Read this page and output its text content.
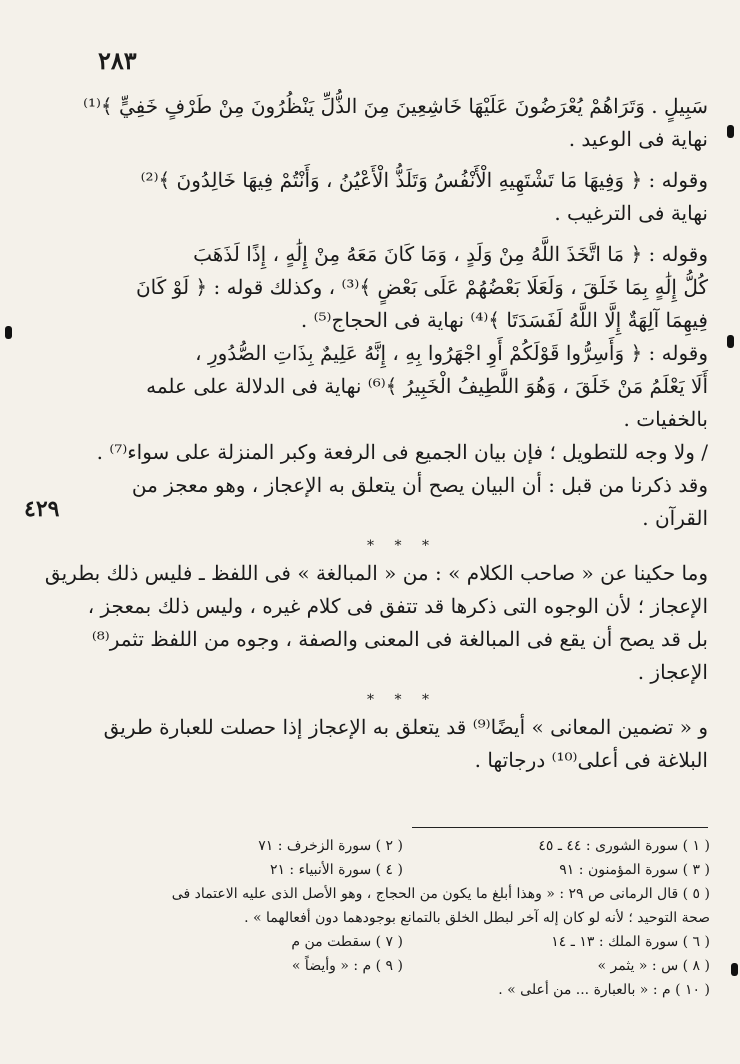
٢٨٣
٤٢٩
سَبِيلٍ . وَتَرَاهُمْ يُعْرَضُونَ عَلَيْهَا خَاشِعِينَ مِنَ الذُّلِّ يَنْظُرُونَ مِنْ طَرْفٍ خَفِيٍّ ﴾⁽¹⁾
نهاية فى الوعيد .
وقوله : ﴿ وَفِيهَا مَا تَشْتَهِيهِ الْأَنْفُسُ وَتَلَذُّ الْأَعْيُنُ ، وَأَنْتُمْ فِيهَا خَالِدُونَ ﴾⁽²⁾
نهاية فى الترغيب .
وقوله : ﴿ مَا اتَّخَذَ اللَّهُ مِنْ وَلَدٍ ، وَمَا كَانَ مَعَهُ مِنْ إِلَٰهٍ ، إِذًا لَذَهَبَ
كُلُّ إِلَٰهٍ بِمَا خَلَقَ ، وَلَعَلَا بَعْضُهُمْ عَلَى بَعْضٍ ﴾⁽³⁾ ، وكذلك قوله : ﴿ لَوْ كَانَ
فِيهِمَا آلِهَةٌ إِلَّا اللَّهُ لَفَسَدَتَا ﴾⁽⁴⁾ نهاية فى الحجاج⁽⁵⁾ .
وقوله : ﴿ وَأَسِرُّوا قَوْلَكُمْ أَوِ اجْهَرُوا بِهِ ، إِنَّهُ عَلِيمٌ بِذَاتِ الصُّدُورِ ،
أَلَا يَعْلَمُ مَنْ خَلَقَ ، وَهُوَ اللَّطِيفُ الْخَبِيرُ ﴾⁽⁶⁾ نهاية فى الدلالة على علمه
بالخفيات .
/ ولا وجه للتطويل ؛ فإن بيان الجميع فى الرفعة وكبر المنزلة على سواء⁽⁷⁾ .
وقد ذكرنا من قبل : أن البيان يصح أن يتعلق به الإعجاز ، وهو معجز من
القرآن .
* * *
وما حكينا عن « صاحب الكلام » : من « المبالغة » فى اللفظ ـ فليس ذلك بطريق
الإعجاز ؛ لأن الوجوه التى ذكرها قد تتفق فى كلام غيره ، وليس ذلك بمعجز ،
بل قد يصح أن يقع فى المبالغة فى المعنى والصفة ، وجوه من اللفظ تثمر⁽⁸⁾
الإعجاز .
* * *
و « تضمين المعانى » أيضًا⁽⁹⁾ قد يتعلق به الإعجاز إذا حصلت للعبارة طريق
البلاغة فى أعلى⁽¹⁰⁾ درجاتها .
( ١ ) سورة الشورى : ٤٤ ـ ٤٥
( ٢ ) سورة الزخرف : ٧١
( ٣ ) سورة المؤمنون : ٩١
( ٤ ) سورة الأنبياء : ٢١
( ٥ ) قال الرمانى ص ٢٩ : « وهذا أبلغ ما يكون من الحجاج ، وهو الأصل الذى عليه الاعتماد فى
صحة التوحيد ؛ لأنه لو كان إله آخر لبطل الخلق بالتمانع بوجودهما دون أفعالهما » .
( ٦ ) سورة الملك : ١٣ ـ ١٤
( ٧ ) سقطت من م
( ٨ ) س : « يثمر »
( ٩ ) م : « وأيضاً »
( ١٠ ) م : « بالعبارة ... من أعلى » .
